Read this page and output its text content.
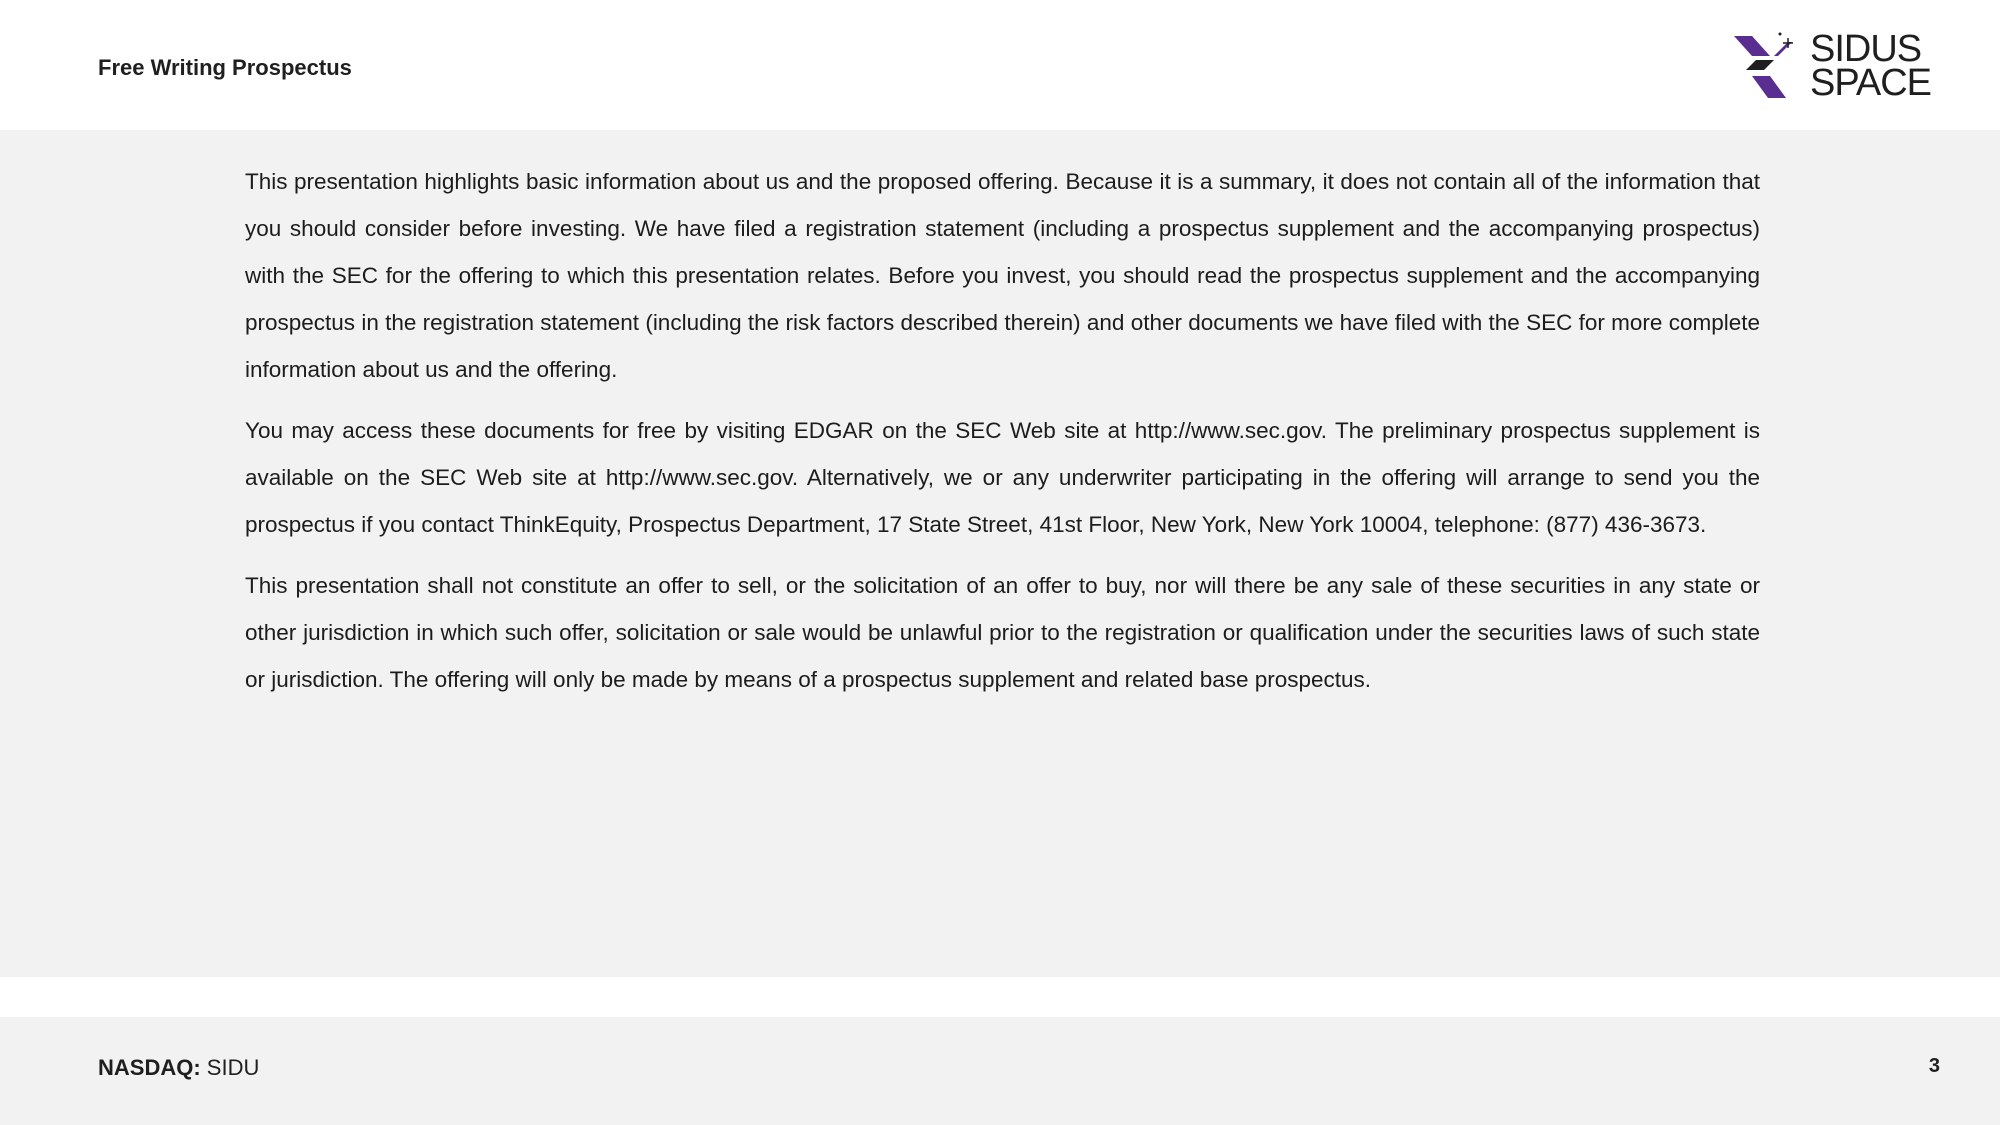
Free Writing Prospectus	SIDUS
SPACE

This presentation highlights basic information about us and the proposed offering. Because it is a summary, it does not contain all of the information that you should consider before investing. We have filed a registration statement (including a prospectus supplement and the accompanying prospectus) with the SEC for the offering to which this presentation relates. Before you invest, you should read the prospectus supplement and the accompanying prospectus in the registration statement (including the risk factors described therein) and other documents we have filed with the SEC for more complete information about us and the offering.

You may access these documents for free by visiting EDGAR on the SEC Web site at http://www.sec.gov. The preliminary prospectus supplement is available on the SEC Web site at http://www.sec.gov. Alternatively, we or any underwriter participating in the offering will arrange to send you the prospectus if you contact ThinkEquity, Prospectus Department, 17 State Street, 41st Floor, New York, New York 10004, telephone: (877) 436-3673.

This presentation shall not constitute an offer to sell, or the solicitation of an offer to buy, nor will there be any sale of these securities in any state or other jurisdiction in which such offer, solicitation or sale would be unlawful prior to the registration or qualification under the securities laws of such state or jurisdiction. The offering will only be made by means of a prospectus supplement and related base prospectus.

NASDAQ: SIDU	3
